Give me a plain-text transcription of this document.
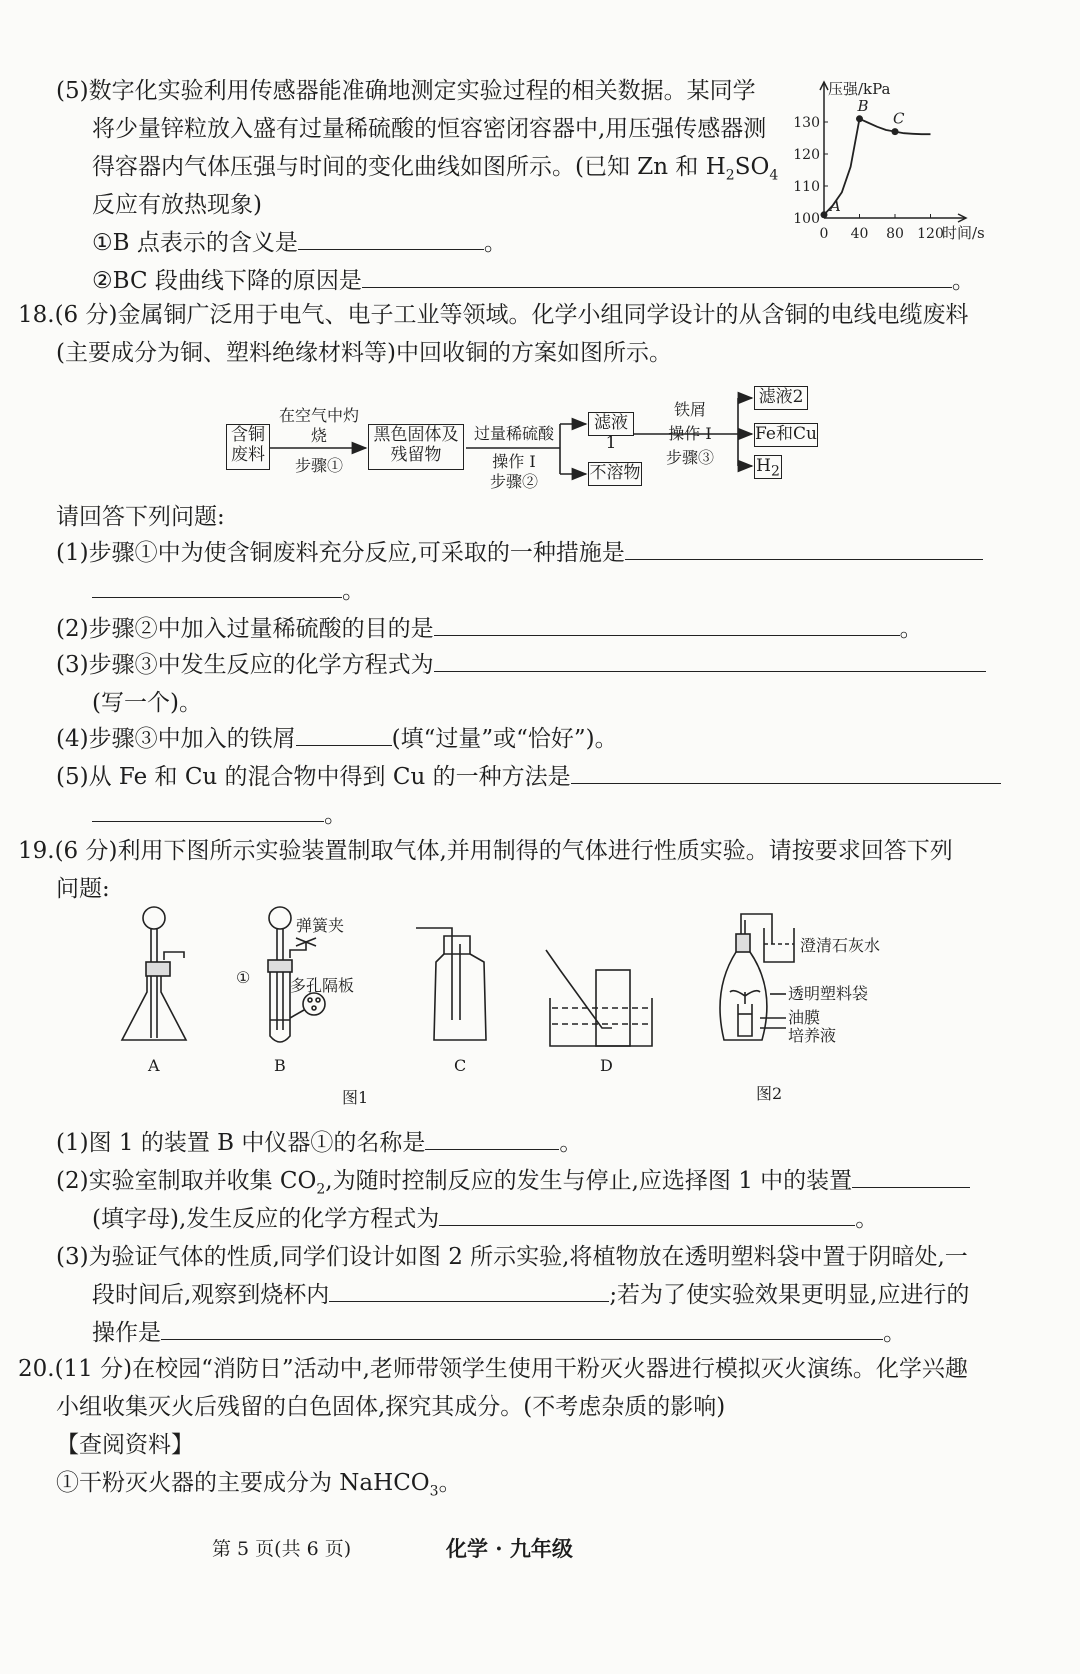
(5)数字化实验利用传感器能准确地测定实验过程的相关数据。某同学
将少量锌粒放入盛有过量稀硫酸的恒容密闭容器中,用压强传感器测
得容器内气体压强与时间的变化曲线如图所示。(已知 Zn 和 $H_2SO_4$
反应有放热现象)
①B 点表示的含义是	。
②BC 段曲线下降的原因是	。
压强/kPa
时间/s
100
110
120
130
0 40 80 120
A
B
C
18.(6 分)金属铜广泛用于电气、电子工业等领域。化学小组同学设计的从含铜的电线电缆废料
(主要成分为铜、塑料绝缘材料等)中回收铜的方案如图所示。
含铜废料
在空气中灼烧
步骤①
黑色固体及残留物
过量稀硫酸
操作 I
步骤②
滤液1
不溶物
铁屑
操作 I
步骤③
滤液2
Fe和Cu
$H_2$
请回答下列问题:
(1)步骤①中为使含铜废料充分反应,可采取的一种措施是
。
(2)步骤②中加入过量稀硫酸的目的是	。
(3)步骤③中发生反应的化学方程式为
(写一个)。
(4)步骤③中加入的铁屑	(填“过量”或“恰好”)。
(5)从 Fe 和 Cu 的混合物中得到 Cu 的一种方法是
。
19.(6 分)利用下图所示实验装置制取气体,并用制得的气体进行性质实验。请按要求回答下列
问题:
弹簧夹
多孔隔板
①
澄清石灰水
透明塑料袋
油膜
培养液
A	B	C	D
图1	图2
(1)图 1 的装置 B 中仪器①的名称是	。
(2)实验室制取并收集 $CO_2$,为随时控制反应的发生与停止,应选择图 1 中的装置
(填字母),发生反应的化学方程式为	。
(3)为验证气体的性质,同学们设计如图 2 所示实验,将植物放在透明塑料袋中置于阴暗处,一
段时间后,观察到烧杯内	;若为了使实验效果更明显,应进行的
操作是	。
20.(11 分)在校园“消防日”活动中,老师带领学生使用干粉灭火器进行模拟灭火演练。化学兴趣
小组收集灭火后残留的白色固体,探究其成分。(不考虑杂质的影响)
【查阅资料】
①干粉灭火器的主要成分为 NaHCO$_3$。
第 5 页(共 6 页)	化学 · 九年级
